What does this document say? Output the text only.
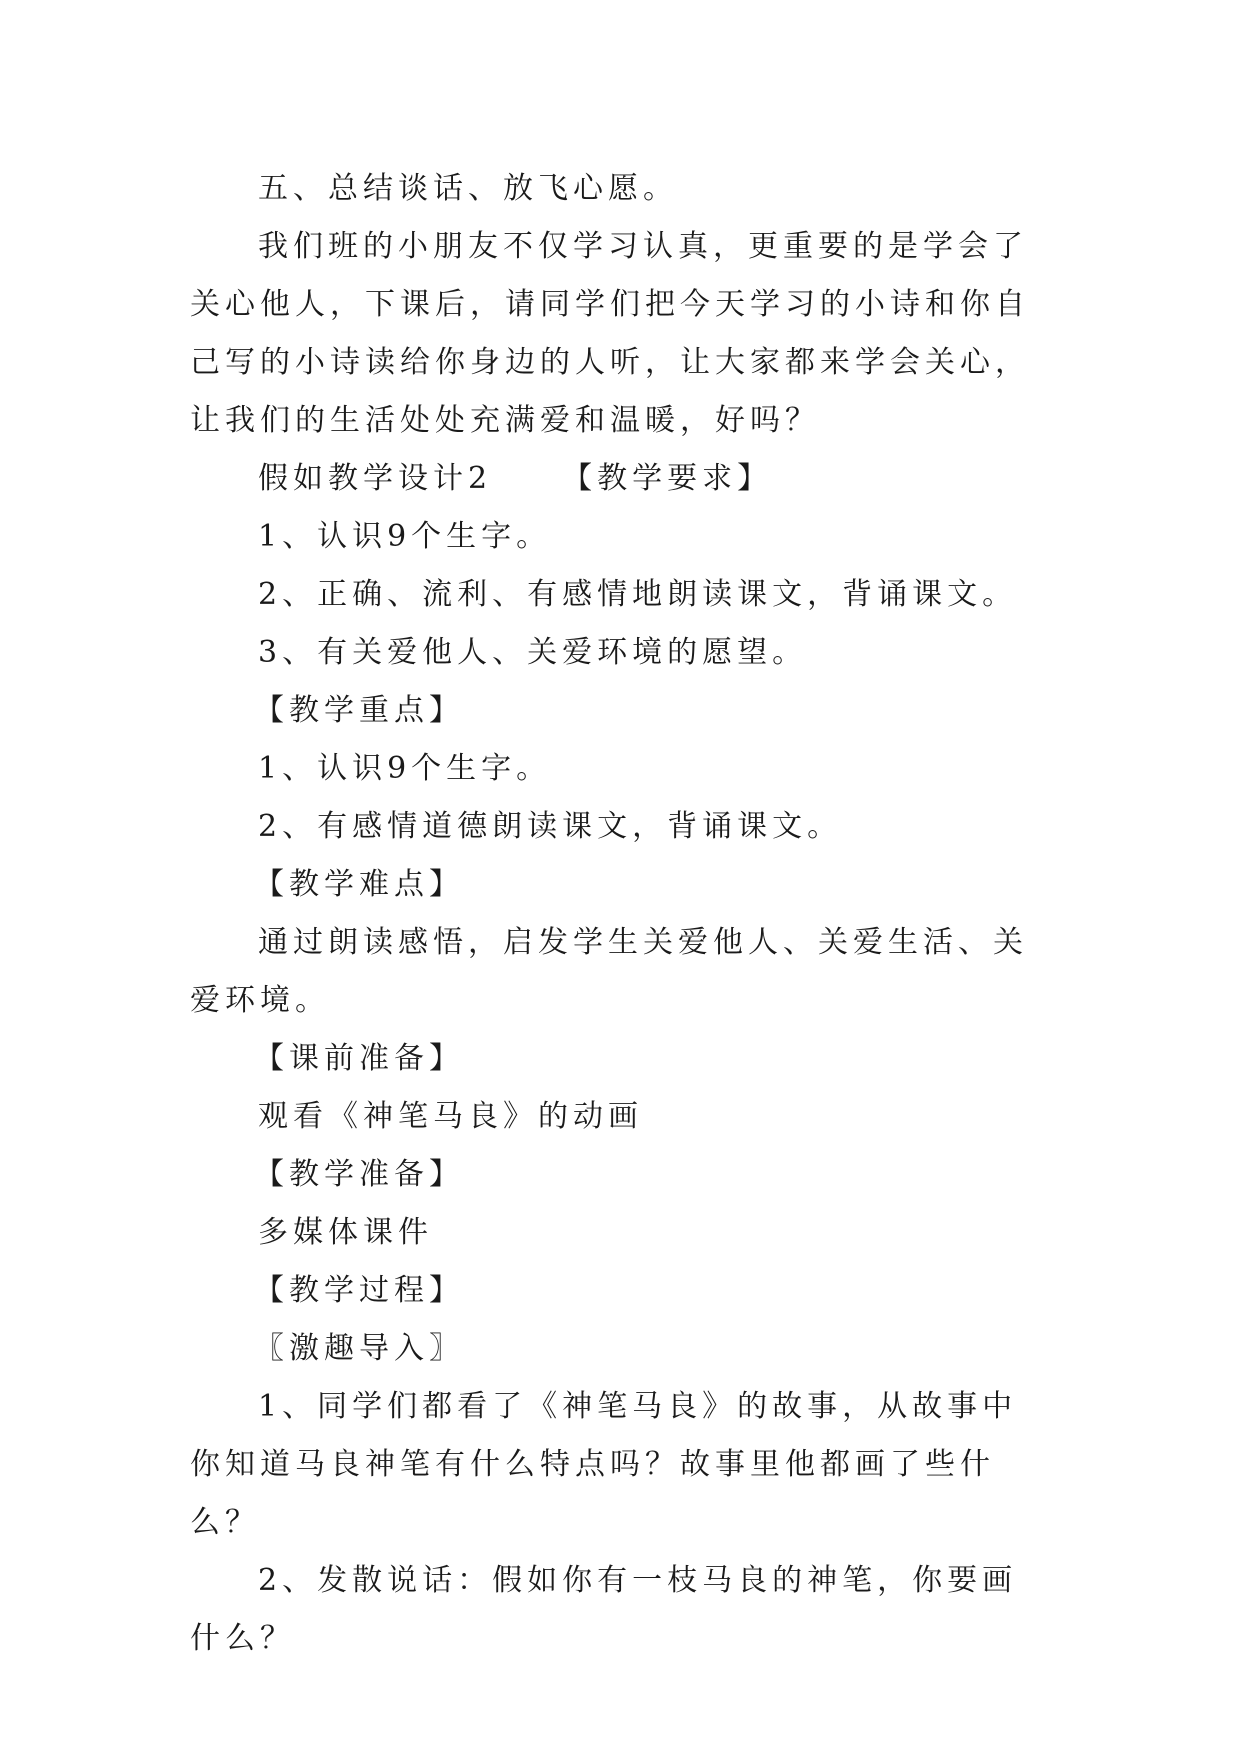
五、总结谈话、放飞心愿。

我们班的小朋友不仅学习认真，更重要的是学会了关心他人，下课后，请同学们把今天学习的小诗和你自己写的小诗读给你身边的人听，让大家都来学会关心，让我们的生活处处充满爱和温暖，好吗？

假如教学设计2 【教学要求】

1、认识9个生字。

2、正确、流利、有感情地朗读课文，背诵课文。

3、有关爱他人、关爱环境的愿望。

【教学重点】

1、认识9个生字。

2、有感情道德朗读课文，背诵课文。

【教学难点】

通过朗读感悟，启发学生关爱他人、关爱生活、关爱环境。

【课前准备】

观看《神笔马良》的动画

【教学准备】

多媒体课件

【教学过程】

〖激趣导入〗

1、同学们都看了《神笔马良》的故事，从故事中你知道马良神笔有什么特点吗？故事里他都画了些什么？

2、发散说话：假如你有一枝马良的神笔，你要画什么？
